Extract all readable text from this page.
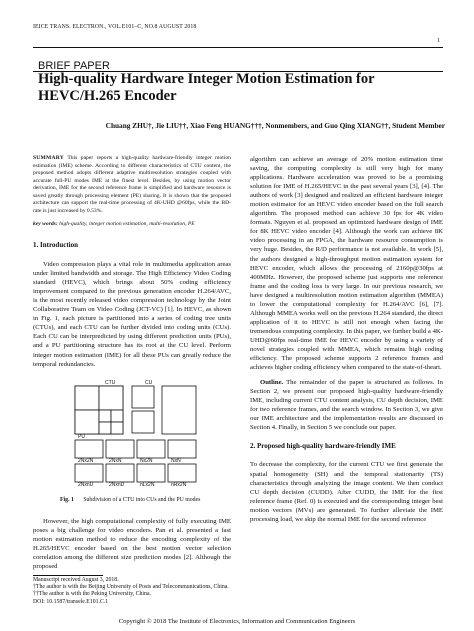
IEICE TRANS. ELECTRON., VOL.E101–C, NO.8 AUGUST 2018
1
BRIEF PAPER
High-quality Hardware Integer Motion Estimation for HEVC/H.265 Encoder
Chuang ZHU†, Jie LIU††, Xiao Feng HUANG†††, Nonmembers, and Guo Qing XIANG††, Student Member
SUMMARY This paper reports a high-quality hardware-friendly integer motion estimation (IME) scheme. According to different characteristics of CTU content, the proposed method adopts different adaptive multiresolution strategies coupled with accurate full-PU modes IME at the finest level. Besides, by using motion vector derivation, IME for the second reference frame is simplified and hardware resource is saved greatly through processing element (PE) sharing. It is shown that the proposed architecture can support the real-time processing of 4K-UHD @60fps, while the BD-rate is just increased by 0.53%.
key words: high-quality, integer motion estimation, multi-resolution, PE
1. Introduction
Video compression plays a vital role in multimedia application areas under limited bandwidth and storage. The High Efficiency Video Coding standard (HEVC), which brings about 50% coding efficiency improvement compared to the previous generation encoder H.264/AVC, is the most recently released video compression technology by the Joint Collaborative Team on Video Coding (JCT-VC) [1]. In HEVC, as shown in Fig. 1, each picture is partitioned into a series of coding tree units (CTUs), and each CTU can be further divided into coding units (CUs). Each CU can be interpredicted by using different prediction units (PUs), and a PU partitioning structure has its root at the CU level. Perform integer motion estimation (IME) for all these PUs can greatly reduce the temporal redundancies.
CTU	CU
PU
2Nx2N	2NxN	Nx2N	NxN
2NxnU	2NxnD	nLx2N	nRx2N
Fig. 1 Subdivision of a CTU into CUs and the PU modes
However, the high computational complexity of fully executing IME poses a big challenge for video encoders. Pan et al. presented a fast motion estimation method to reduce the encoding complexity of the H.265/HEVC encoder based on the best motion vector selection correlation among the different size prediction modes [2]. Although the proposed
Manuscript received August 3, 2018.
†The author is with the Beijing University of Posts and Telecommunications, China.
††The author is with the Peking University, China.
DOI: 10.1587/transele.E101.C.1
algorithm can achieve an average of 20% motion estimation time saving, the computing complexity is still very high for many applications. Hardware acceleration was proved to be a promising solution for IME of H.265/HEVC in the past several years [3], [4]. The authors of work [3] designed and realized an efficient hardware integer motion estimator for an HEVC video encoder based on the full search algorithm. The proposed method can achieve 30 fps for 4K video formats. Nguyen et al. proposed an optimized hardware design of IME for 8K HEVC video encoder [4]. Although the work can achieve 8K video processing in an FPGA, the hardware resource consumption is very huge. Besides, the R/D performance is not available. In work [5], the authors designed a high-throughput motion estimation system for HEVC encoder, which allows the processing of 2160p@30fps at 400MHz. However, the proposed scheme just supports one reference frame and the coding loss is very large. In our previous research, we have designed a multiresolution motion estimation algorithm (MMEA) to lower the computational complexity for H.264/AVC [6], [7]. Although MMEA works well on the previous H.264 standard, the direct application of it to HEVC is still not enough when facing the tremendous computing complexity. In this paper, we further build a 4K-UHD@60fps real-time IME for HEVC encoder by using a variety of novel strategies coupled with MMEA, which remains high coding efficiency. The proposed scheme supports 2 reference frames and achieves higher coding efficiency when compared to the state-of-theart.
Outline. The remainder of the paper is structured as follows. In Section 2, we present our proposed high-quality hardware-friendly IME, including current CTU content analysis, CU depth decision, IME for two reference frames, and the search window. In Section 3, we give our IME architecture and the implementation results are discussed in Section 4. Finally, in Section 5 we conclude our paper.
2. Proposed high-quality hardware-friendly IME
To decrease the complexity, for the current CTU we first generate the spatial homogeneity (SH) and the temporal stationarity (TS) characteristics through analyzing the image content. We then conduct CU depth decision (CUDD). After CUDD, the IME for the first reference frame (Ref. 0) is executed and the corresponding integer best motion vectors (MVs) are generated. To further alleviate the IME processing load, we skip the normal IME for the second reference
Copyright © 2018 The Institute of Electronics, Information and Communication Engineers
